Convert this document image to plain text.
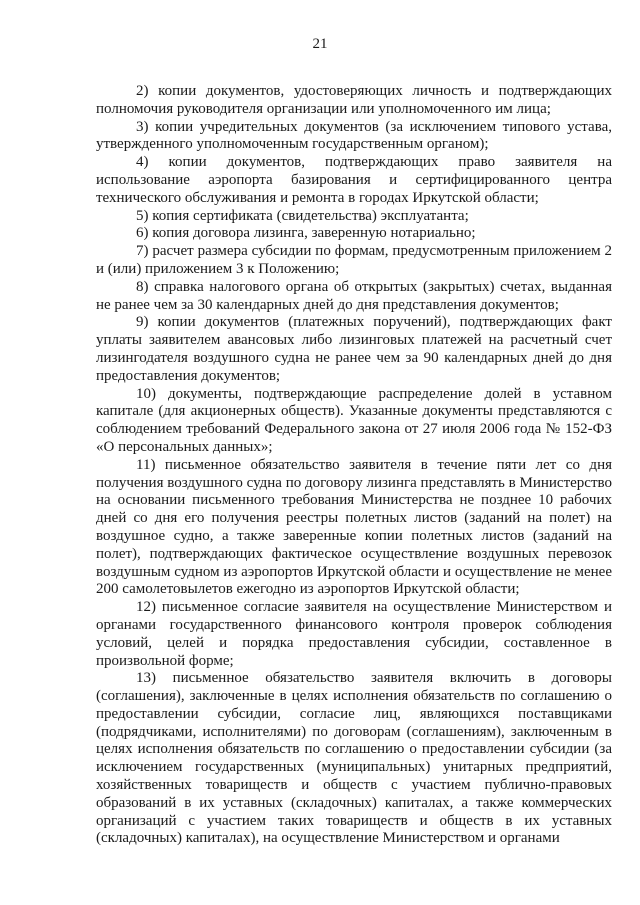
21

2) копии документов, удостоверяющих личность и подтверждающих полномочия руководителя организации или уполномоченного им лица;

3) копии учредительных документов (за исключением типового устава, утвержденного уполномоченным государственным органом);

4) копии документов, подтверждающих право заявителя на использование аэропорта базирования и сертифицированного центра технического обслуживания и ремонта в городах Иркутской области;

5) копия сертификата (свидетельства) эксплуатанта;

6) копия договора лизинга, заверенную нотариально;

7) расчет размера субсидии по формам, предусмотренным приложением 2 и (или) приложением 3 к Положению;

8) справка налогового органа об открытых (закрытых) счетах, выданная не ранее чем за 30 календарных дней до дня представления документов;

9) копии документов (платежных поручений), подтверждающих факт уплаты заявителем авансовых либо лизинговых платежей на расчетный счет лизингодателя воздушного судна не ранее чем за 90 календарных дней до дня предоставления документов;

10) документы, подтверждающие распределение долей в уставном капитале (для акционерных обществ). Указанные документы представляются с соблюдением требований Федерального закона от 27 июля 2006 года № 152-ФЗ «О персональных данных»;

11) письменное обязательство заявителя в течение пяти лет со дня получения воздушного судна по договору лизинга представлять в Министерство на основании письменного требования Министерства не позднее 10 рабочих дней со дня его получения реестры полетных листов (заданий на полет) на воздушное судно, а также заверенные копии полетных листов (заданий на полет), подтверждающих фактическое осуществление воздушных перевозок воздушным судном из аэропортов Иркутской области и осуществление не менее 200 самолетовылетов ежегодно из аэропортов Иркутской области;

12) письменное согласие заявителя на осуществление Министерством и органами государственного финансового контроля проверок соблюдения условий, целей и порядка предоставления субсидии, составленное в произвольной форме;

13) письменное обязательство заявителя включить в договоры (соглашения), заключенные в целях исполнения обязательств по соглашению о предоставлении субсидии, согласие лиц, являющихся поставщиками (подрядчиками, исполнителями) по договорам (соглашениям), заключенным в целях исполнения обязательств по соглашению о предоставлении субсидии (за исключением государственных (муниципальных) унитарных предприятий, хозяйственных товариществ и обществ с участием публично-правовых образований в их уставных (складочных) капиталах, а также коммерческих организаций с участием таких товариществ и обществ в их уставных (складочных) капиталах), на осуществление Министерством и органами
